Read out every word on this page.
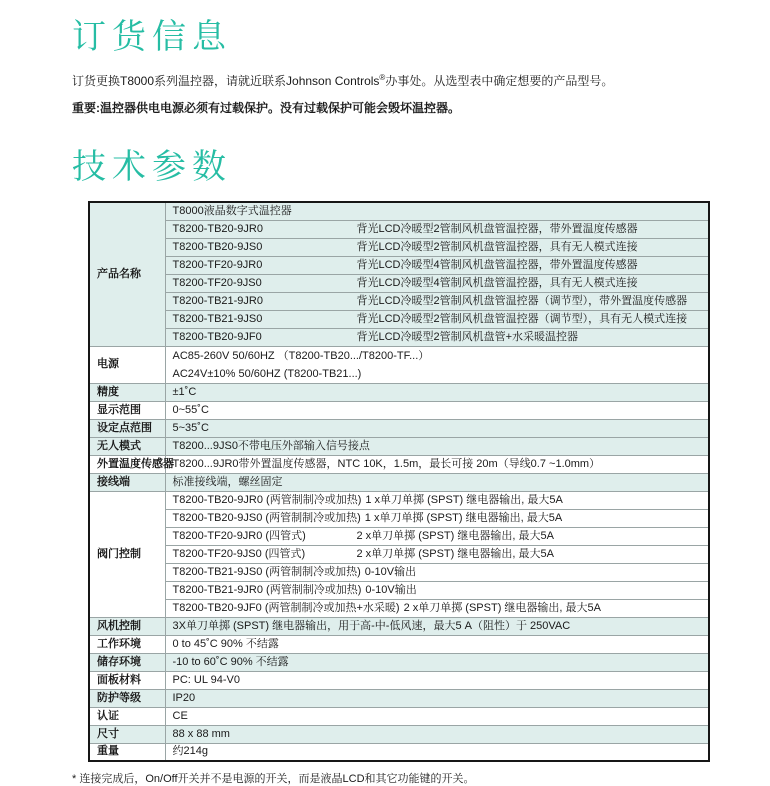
订货信息

订货更换T8000系列温控器，请就近联系Johnson Controls®办事处。从选型表中确定想要的产品型号。

重要:温控器供电电源必须有过载保护。没有过载保护可能会毁坏温控器。

技术参数
产品名称	T8000液晶数字式温控器

	T8200-TB20-9JR0 背光LCD冷暖型2管制风机盘管温控器，带外置温度传感器

	T8200-TB20-9JS0 背光LCD冷暖型2管制风机盘管温控器，具有无人模式连接

	T8200-TF20-9JR0 背光LCD冷暖型4管制风机盘管温控器，带外置温度传感器

	T8200-TF20-9JS0 背光LCD冷暖型4管制风机盘管温控器，具有无人模式连接

	T8200-TB21-9JR0 背光LCD冷暖型2管制风机盘管温控器（调节型），带外置温度传感器

	T8200-TB21-9JS0 背光LCD冷暖型2管制风机盘管温控器（调节型），具有无人模式连接

	T8200-TB20-9JF0 背光LCD冷暖型2管制风机盘管+水采暖温控器

电源	AC85-260V 50/60HZ （T8200-TB20.../T8200-TF...）
AC24V±10% 50/60HZ (T8200-TB21...)

精度	±1˚C
显示范围	0~55˚C
设定点范围	5~35˚C
无人模式	T8200...9JS0不带电压外部输入信号接点
外置温度传感器	T8200...9JR0带外置温度传感器，NTC 10K，1.5m，最长可接 20m（导线0.7 ~1.0mm）
接线端	标准接线端，螺丝固定
阀门控制	T8200-TB20-9JR0 (两管制制冷或加热) 1 x单刀单掷 (SPST) 继电器输出, 最大5A

	T8200-TB20-9JS0 (两管制制冷或加热) 1 x单刀单掷 (SPST) 继电器输出, 最大5A

	T8200-TF20-9JR0 (四管式) 2 x单刀单掷 (SPST) 继电器输出, 最大5A

	T8200-TF20-9JS0 (四管式) 2 x单刀单掷 (SPST) 继电器输出, 最大5A

	T8200-TB21-9JS0 (两管制制冷或加热) 0-10V输出

	T8200-TB21-9JR0 (两管制制冷或加热) 0-10V输出

	T8200-TB20-9JF0 (两管制制冷或加热+水采暖) 2 x单刀单掷 (SPST) 继电器输出, 最大5A

风机控制	3X单刀单掷 (SPST) 继电器输出，用于高-中-低风速，最大5 A（阻性）于 250VAC
工作环境	0 to 45˚C 90% 不结露
储存环境	-10 to 60˚C 90% 不结露
面板材料	PC: UL 94-V0
防护等级	IP20
认证	CE
尺寸	88 x 88 mm
重量	约214g

* 连接完成后，On/Off开关并不是电源的开关，而是液晶LCD和其它功能键的开关。
